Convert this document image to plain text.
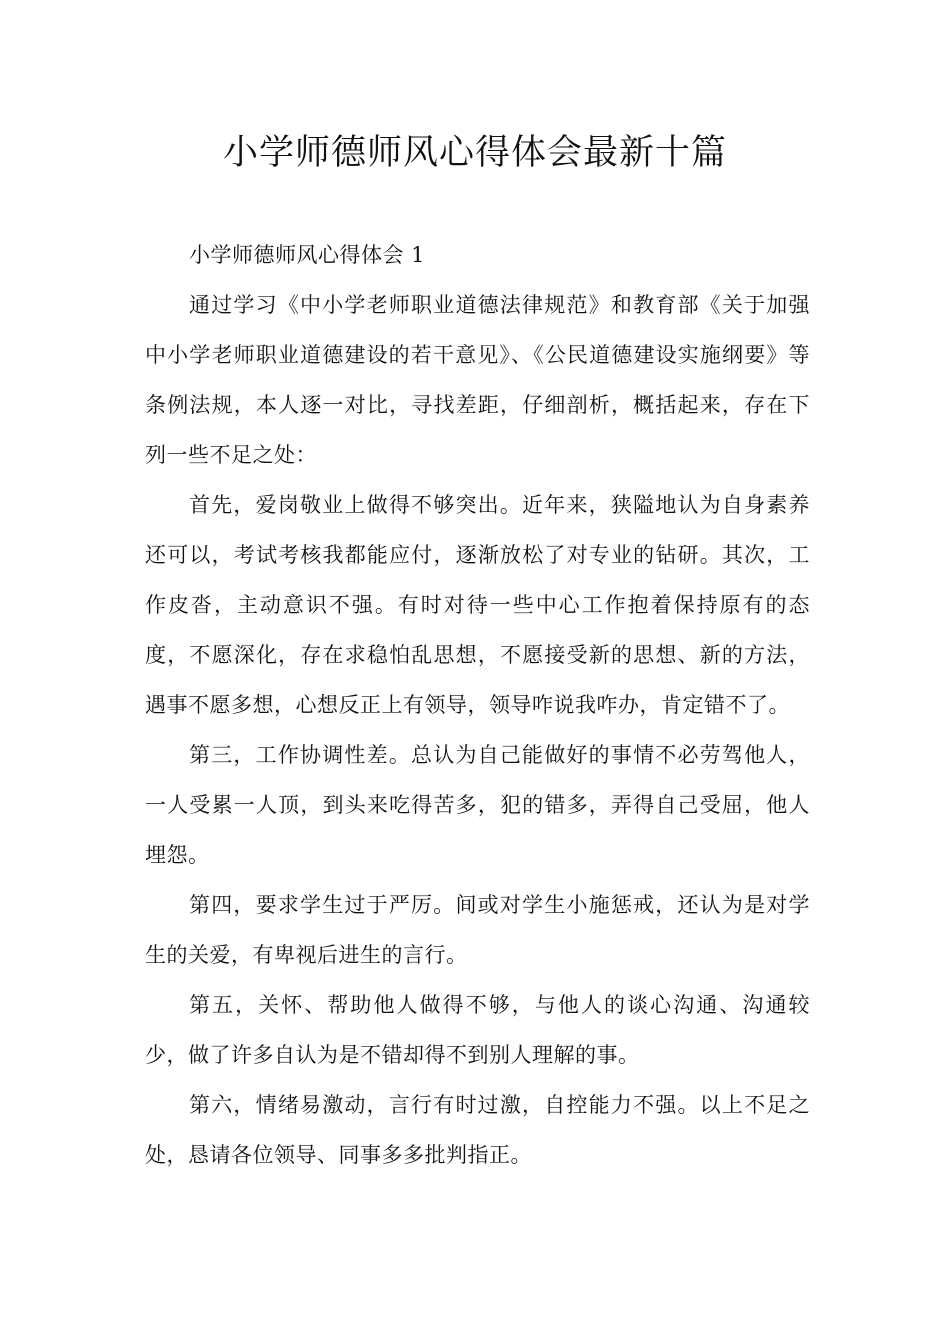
小学师德师风心得体会最新十篇

小学师德师风心得体会 1

通过学习《中小学老师职业道德法律规范》和教育部《关于加强中小学老师职业道德建设的若干意见》、《公民道德建设实施纲要》等条例法规，本人逐一对比，寻找差距，仔细剖析，概括起来，存在下列一些不足之处：

首先，爱岗敬业上做得不够突出。近年来，狭隘地认为自身素养还可以，考试考核我都能应付，逐渐放松了对专业的钻研。其次，工作皮沓，主动意识不强。有时对待一些中心工作抱着保持原有的态度，不愿深化，存在求稳怕乱思想，不愿接受新的思想、新的方法，遇事不愿多想，心想反正上有领导，领导咋说我咋办，肯定错不了。

第三，工作协调性差。总认为自己能做好的事情不必劳驾他人，一人受累一人顶，到头来吃得苦多，犯的错多，弄得自己受屈，他人埋怨。

第四，要求学生过于严厉。间或对学生小施惩戒，还认为是对学生的关爱，有卑视后进生的言行。

第五，关怀、帮助他人做得不够，与他人的谈心沟通、沟通较少，做了许多自认为是不错却得不到别人理解的事。

第六，情绪易激动，言行有时过激，自控能力不强。以上不足之处，恳请各位领导、同事多多批判指正。
